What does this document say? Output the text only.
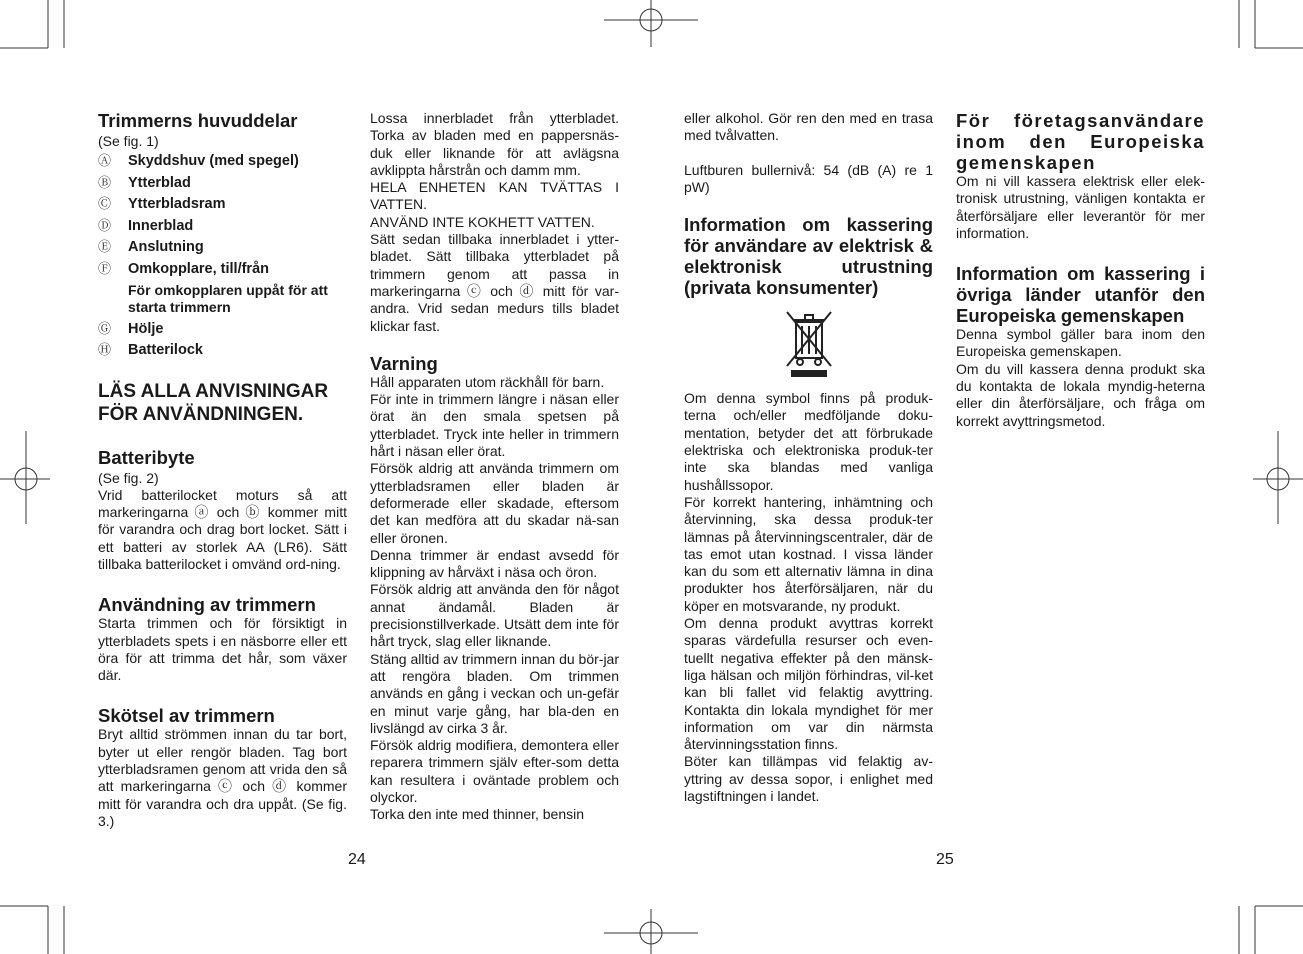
Trimmerns huvuddelar
(Se fig. 1)
Ⓐ	Skyddshuv (med spegel)
Ⓑ	Ytterblad
Ⓒ	Ytterbladsram
Ⓓ	Innerblad
Ⓔ	Anslutning
Ⓕ	Omkopplare, till/från
För omkopplaren uppåt för att starta trimmern
Ⓖ	Hölje
Ⓗ	Batterilock
LÄS ALLA ANVISNINGAR FÖR ANVÄNDNINGEN.
Batteribyte
(Se fig. 2)

Vrid batterilocket moturs så att markeringarna ⓐ och ⓑ kommer mitt för varandra och drag bort locket. Sätt i ett batteri av storlek AA (LR6). Sätt tillbaka batterilocket i omvänd ord-ning.

Användning av trimmern

Starta trimmen och för försiktigt in ytterbladets spets i en näsborre eller ett öra för att trimma det hår, som växer där.

Skötsel av trimmern

Bryt alltid strömmen innan du tar bort, byter ut eller rengör bladen. Tag bort ytterbladsramen genom att vrida den så att markeringarna ⓒ och ⓓ kommer mitt för varandra och dra uppåt. (Se fig. 3.)

Lossa innerbladet från ytterbladet. Torka av bladen med en pappersnäs-duk eller liknande för att avlägsna avklippta hårstrån och damm mm.

HELA ENHETEN KAN TVÄTTAS I VATTEN.

ANVÄND INTE KOKHETT VATTEN.

Sätt sedan tillbaka innerbladet i ytter-bladet. Sätt tillbaka ytterbladet på trimmern genom att passa in markeringarna ⓒ och ⓓ mitt för var-andra. Vrid sedan medurs tills bladet klickar fast.

Varning

Håll apparaten utom räckhåll för barn.

För inte in trimmern längre i näsan eller örat än den smala spetsen på ytterbladet. Tryck inte heller in trimmern hårt i näsan eller örat.

Försök aldrig att använda trimmern om ytterbladsramen eller bladen är deformerade eller skadade, eftersom det kan medföra att du skadar nä-san eller öronen.

Denna trimmer är endast avsedd för klippning av hårväxt i näsa och öron.

Försök aldrig att använda den för något annat ändamål. Bladen är precisionstillverkade. Utsätt dem inte för hårt tryck, slag eller liknande.

Stäng alltid av trimmern innan du bör-jar att rengöra bladen. Om trimmen används en gång i veckan och un-gefär en minut varje gång, har bla-den en livslängd av cirka 3 år.

Försök aldrig modifiera, demontera eller reparera trimmern själv efter-som detta kan resultera i oväntade problem och olyckor.

Torka den inte med thinner, bensin

24

eller alkohol. Gör ren den med en trasa med tvålvatten.

Luftburen bullernivå: 54 (dB (A) re 1 pW)

Information om kassering för användare av elektrisk & elektronisk utrustning (privata konsumenter)

Om denna symbol finns på produk-terna och/eller medföljande doku-mentation, betyder det att förbrukade elektriska och elektroniska produk-ter inte ska blandas med vanliga hushållssopor.

För korrekt hantering, inhämtning och återvinning, ska dessa produk-ter lämnas på återvinningscentraler, där de tas emot utan kostnad. I vissa länder kan du som ett alternativ lämna in dina produkter hos återförsäljaren, när du köper en motsvarande, ny produkt.

Om denna produkt avyttras korrekt sparas värdefulla resurser och even-tuellt negativa effekter på den mänsk-liga hälsan och miljön förhindras, vil-ket kan bli fallet vid felaktig avyttring. Kontakta din lokala myndighet för mer information om var din närmsta återvinningsstation finns.

Böter kan tillämpas vid felaktig av-yttring av dessa sopor, i enlighet med lagstiftningen i landet.

För företagsanvändare inom den Europeiska gemenskapen

Om ni vill kassera elektrisk eller elek-tronisk utrustning, vänligen kontakta er återförsäljare eller leverantör för mer information.

Information om kassering i övriga länder utanför den Europeiska gemenskapen

Denna symbol gäller bara inom den Europeiska gemenskapen.

Om du vill kassera denna produkt ska du kontakta de lokala myndig-heterna eller din återförsäljare, och fråga om korrekt avyttringsmetod.

25
